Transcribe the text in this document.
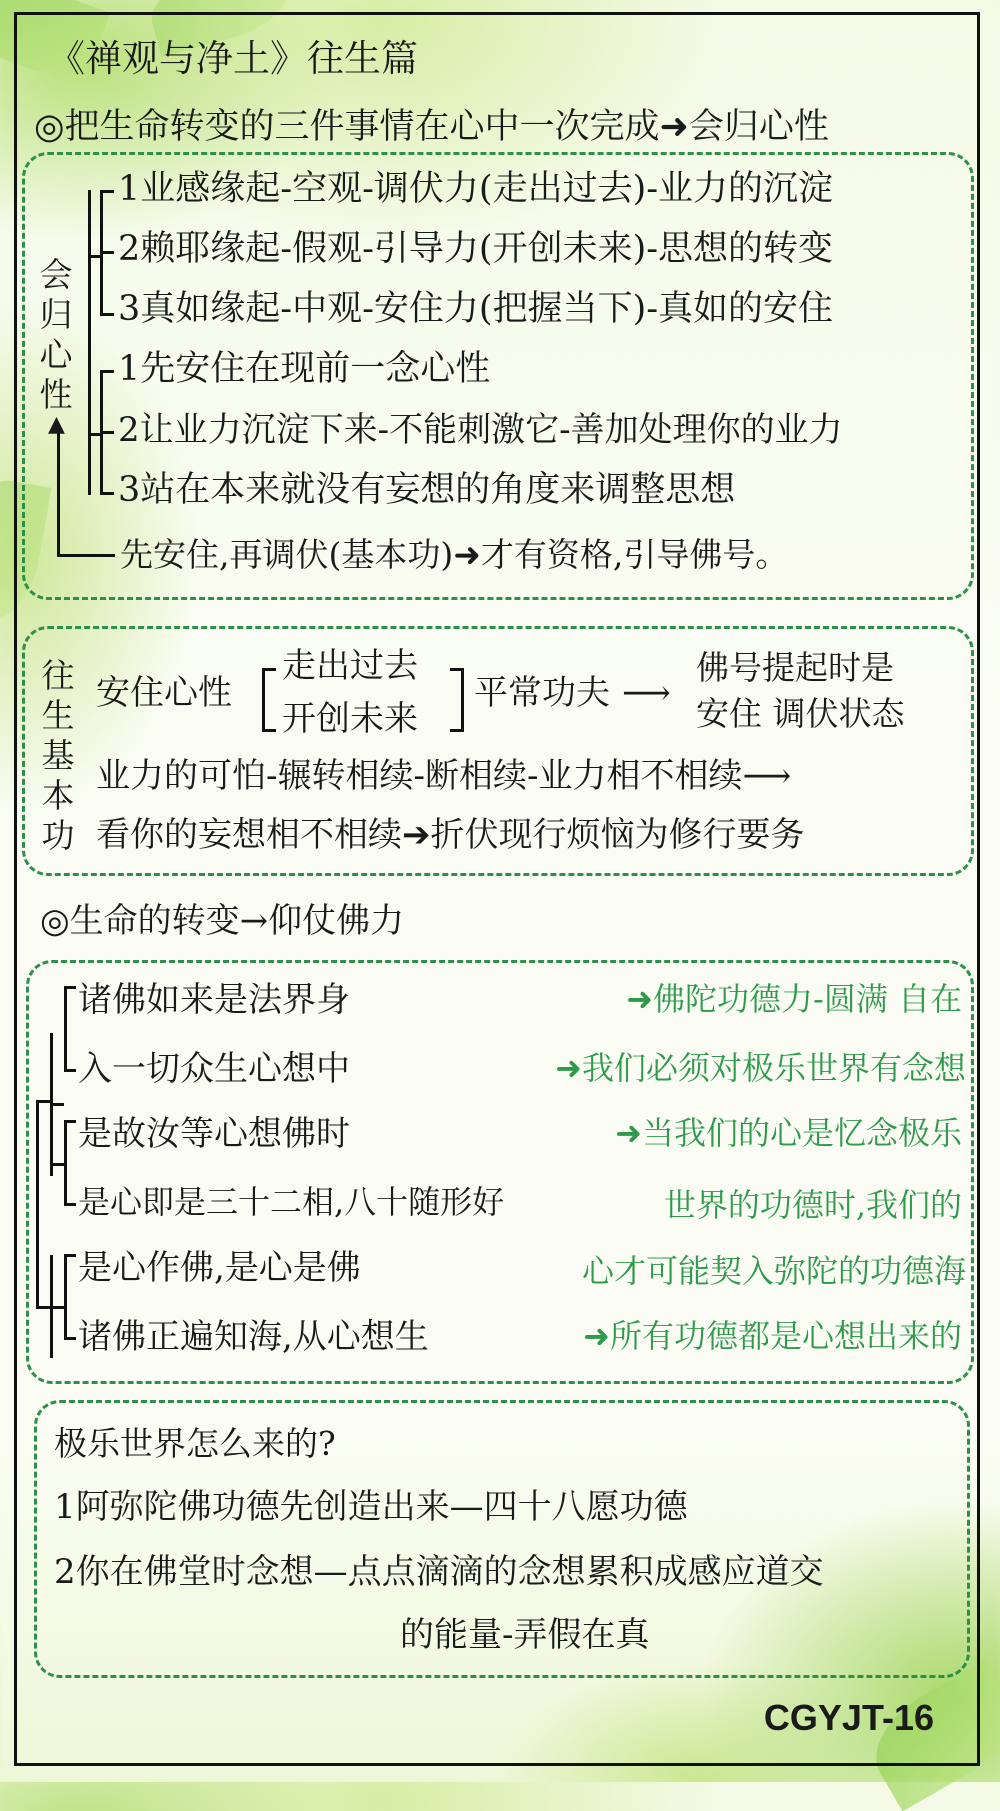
《禅观与净土》往生篇
◎把生命转变的三件事情在心中一次完成➜会归心性
会归心性
▲
1业感缘起-空观-调伏力(走出过去)-业力的沉淀
2赖耶缘起-假观-引导力(开创未来)-思想的转变
3真如缘起-中观-安住力(把握当下)-真如的安住
1先安住在现前一念心性
2让业力沉淀下来-不能刺激它-善加处理你的业力
3站在本来就没有妄想的角度来调整思想
先安住,再调伏(基本功)➜才有资格,引导佛号。
往生基本功
安住心性
走出过去
开创未来
平常功夫 ⟶
佛号提起时是
安住 调伏状态
业力的可怕-辗转相续-断相续-业力相不相续⟶
看你的妄想相不相续➔折伏现行烦恼为修行要务
◎生命的转变→仰仗佛力
诸佛如来是法界身
入一切众生心想中
是故汝等心想佛时
是心即是三十二相,八十随形好
是心作佛,是心是佛
诸佛正遍知海,从心想生
➜佛陀功德力-圆满 自在
➜我们必须对极乐世界有念想
➜当我们的心是忆念极乐
世界的功德时,我们的
心才可能契入弥陀的功德海
➜所有功德都是心想出来的
极乐世界怎么来的?
1阿弥陀佛功德先创造出来—四十八愿功德
2你在佛堂时念想—点点滴滴的念想累积成感应道交
的能量-弄假在真
CGYJT-16
